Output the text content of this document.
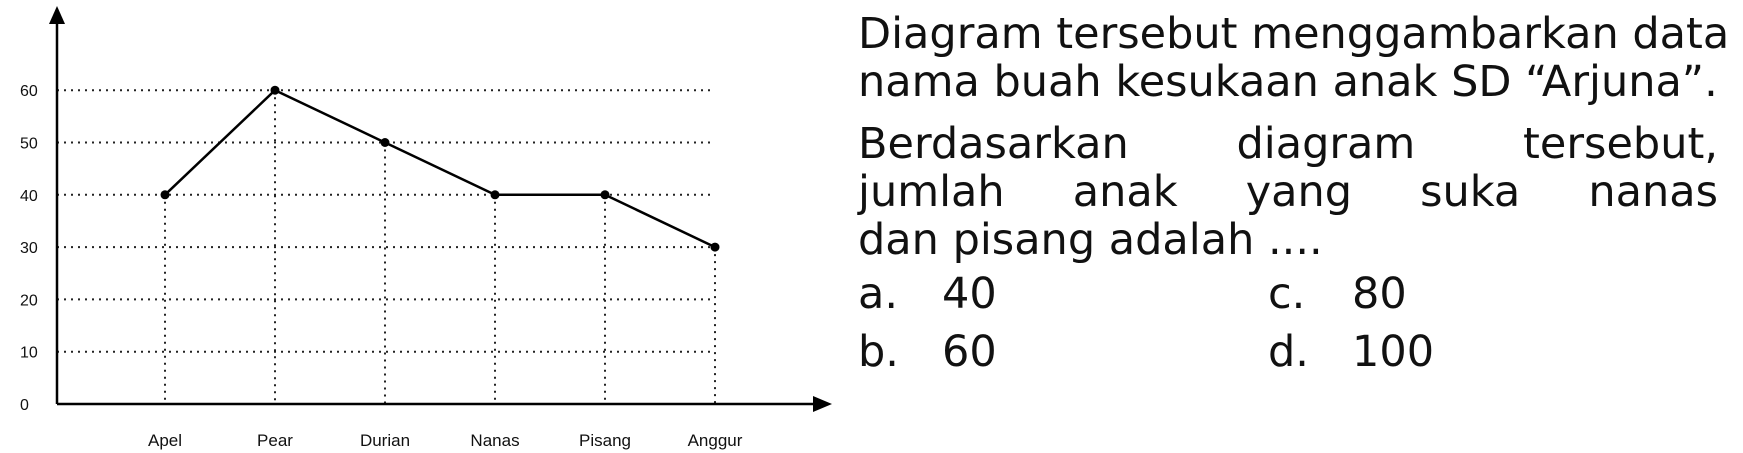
0
10
20
30
40
50
60
Apel	Pear	Durian	Nanas	Pisang	Anggur
Diagram tersebut menggambarkan data
nama buah kesukaan anak SD “Arjuna”.
Berdasarkan diagram tersebut,
jumlah anak yang suka nanas
dan pisang adalah ....
a. 40
b. 60
c. 80
d. 100
